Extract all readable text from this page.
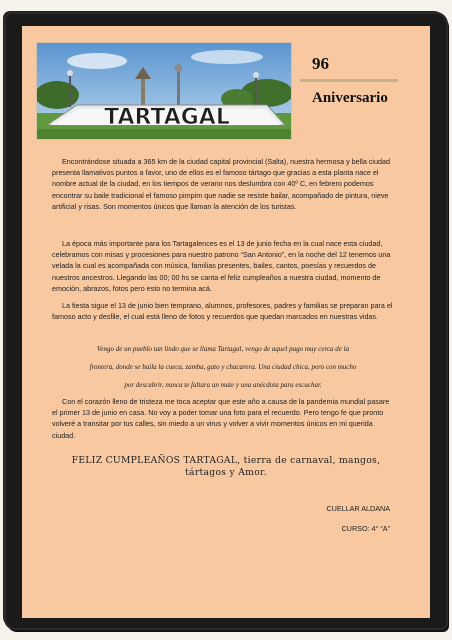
TARTAGAL
96
Aniversario
Encontrándose situada a 365 km de la ciudad capital provincial (Salta), nuestra hermosa y bella ciudad presenta llamativos puntos a favor, uno de ellos es el famoso tártago que gracias a esta planta nace el nombre actual de la ciudad, en los tiempos de verano nos deslumbra con 40º C, en febrero podemos encontrar su baile tradicional el famoso pimpim que nadie se resiste bailar, acompañado de pintura, nieve artificial y risas. Son momentos únicos que llaman la atención de los turistas.
La época más importante para los Tartagalences es el 13 de junio fecha en la cual nace esta ciudad, celebramos con misas y procesiones para nuestro patrono “San Antonio”, en la noche del 12 tenemos una velada la cual es acompañada con música, familias presentes, bailes, cantos, poesías y recuerdos de nuestros ancestros. Llegando las 00; 00 hs se canta el feliz cumpleaños a nuestra ciudad, momento de emoción, abrazos, fotos pero esto no termina acá.
La fiesta sigue el 13 de junio bien temprano, alumnos, profesores, padres y familias se preparan para el famoso acto y desfile, el cual está lleno de fotos y recuerdos que quedan marcados en nuestras vidas.
Vengo de un pueblo tan lindo que se llama Tartagal, vengo de aquel pago muy cerca de la
frontera, donde se baila la cueca, zamba, gato y chacarera. Una ciudad chica, pero con mucho
por descubrir, nunca te faltara un mate y una anécdota para escuchar.
Con el corazón lleno de tristeza me toca aceptar que este año a causa de la pandemia mundial pasare el primer 13 de junio en casa. No voy a poder tomar una foto para el recuerdo. Pero tengo fe que pronto volveré a transitar por tus calles, sin miedo a un virus y volver a vivir momentos únicos en mi querida ciudad.
FELIZ CUMPLEAÑOS TARTAGAL, tierra de carnaval, mangos, tártagos y Amor.
CUELLAR ALDANA
CURSO: 4° “A”
